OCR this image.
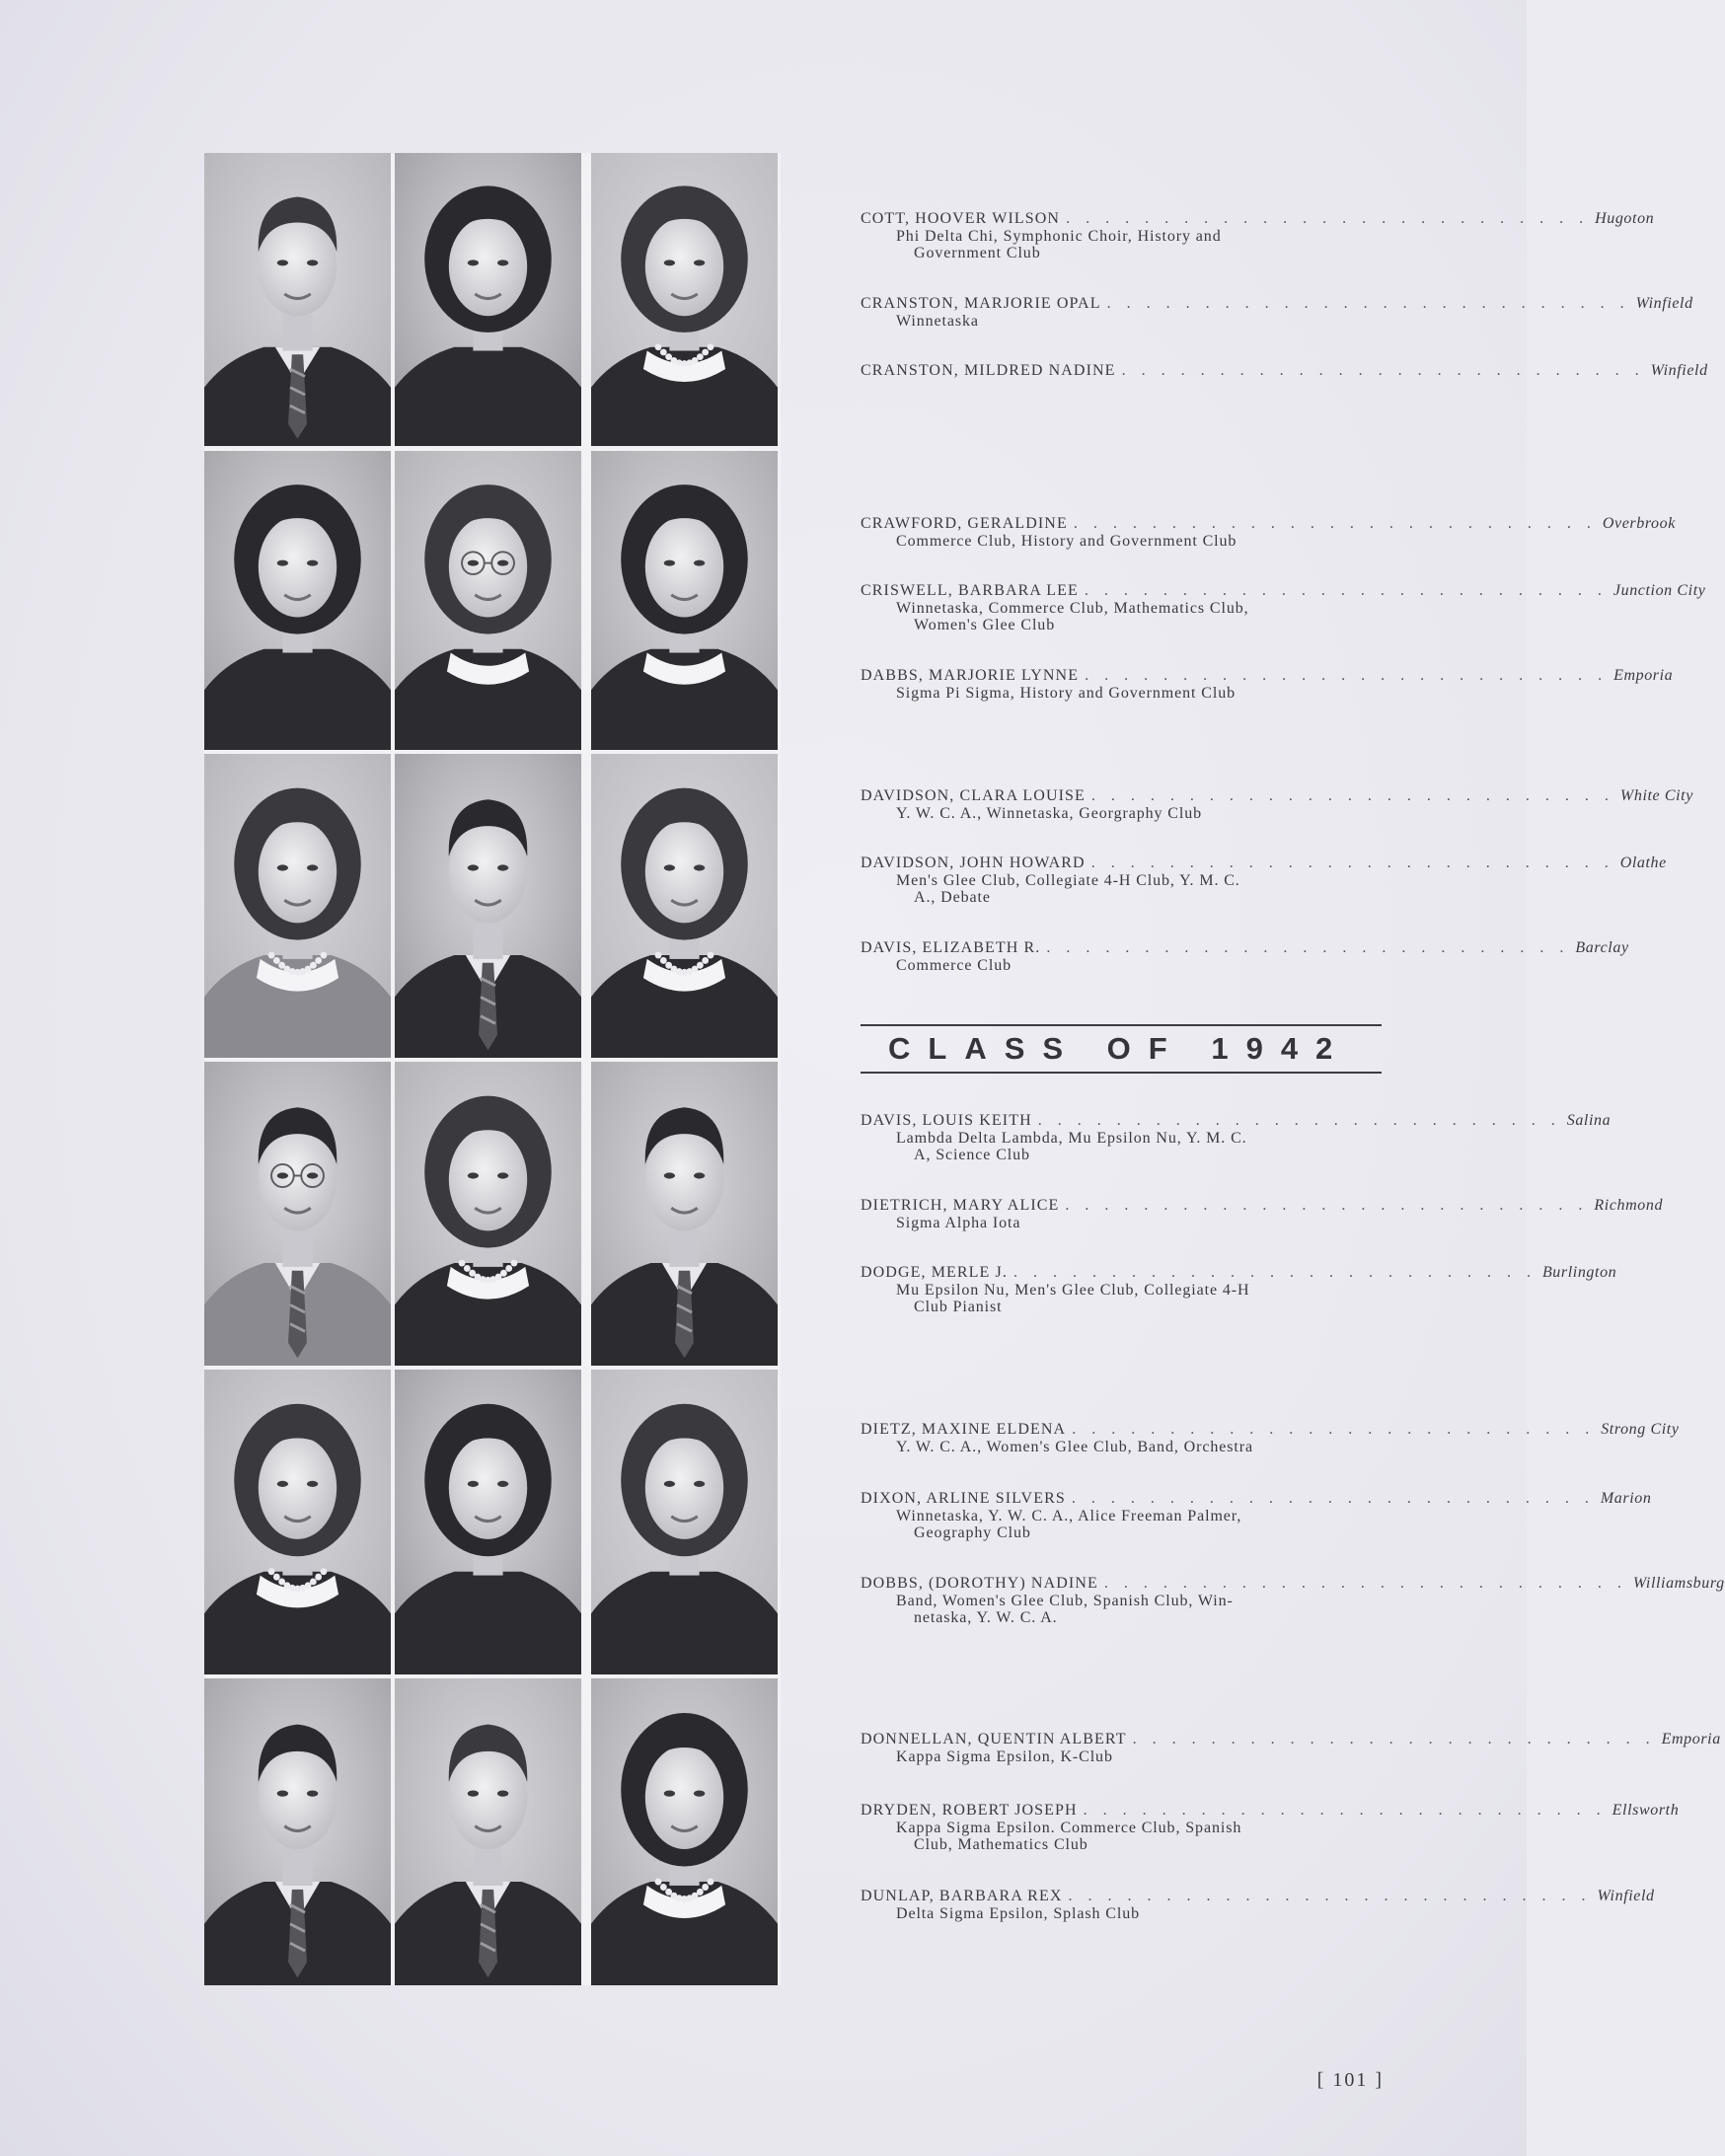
COTT, HOOVER WILSON . . . . . . . . . . . . . . . . . . . . . . . . . . . Hugoton
Phi Delta Chi, Symphonic Choir, History and
Government Club
CRANSTON, MARJORIE OPAL . . . . . . . . . . . . . . . . . . . . . . . . . . . Winfield
Winnetaska
CRANSTON, MILDRED NADINE . . . . . . . . . . . . . . . . . . . . . . . . . . . Winfield
CRAWFORD, GERALDINE . . . . . . . . . . . . . . . . . . . . . . . . . . . Overbrook
Commerce Club, History and Government Club
CRISWELL, BARBARA LEE . . . . . . . . . . . . . . . . . . . . . . . . . . . Junction City
Winnetaska, Commerce Club, Mathematics Club,
Women's Glee Club
DABBS, MARJORIE LYNNE . . . . . . . . . . . . . . . . . . . . . . . . . . . Emporia
Sigma Pi Sigma, History and Government Club
DAVIDSON, CLARA LOUISE . . . . . . . . . . . . . . . . . . . . . . . . . . . White City
Y. W. C. A., Winnetaska, Georgraphy Club
DAVIDSON, JOHN HOWARD . . . . . . . . . . . . . . . . . . . . . . . . . . . Olathe
Men's Glee Club, Collegiate 4-H Club, Y. M. C.
A., Debate
DAVIS, ELIZABETH R. . . . . . . . . . . . . . . . . . . . . . . . . . . . Barclay
Commerce Club
DAVIS, LOUIS KEITH . . . . . . . . . . . . . . . . . . . . . . . . . . . Salina
Lambda Delta Lambda, Mu Epsilon Nu, Y. M. C.
A, Science Club
DIETRICH, MARY ALICE . . . . . . . . . . . . . . . . . . . . . . . . . . . Richmond
Sigma Alpha Iota
DODGE, MERLE J. . . . . . . . . . . . . . . . . . . . . . . . . . . . Burlington
Mu Epsilon Nu, Men's Glee Club, Collegiate 4-H
Club Pianist
DIETZ, MAXINE ELDENA . . . . . . . . . . . . . . . . . . . . . . . . . . . Strong City
Y. W. C. A., Women's Glee Club, Band, Orchestra
DIXON, ARLINE SILVERS . . . . . . . . . . . . . . . . . . . . . . . . . . . Marion
Winnetaska, Y. W. C. A., Alice Freeman Palmer,
Geography Club
DOBBS, (DOROTHY) NADINE . . . . . . . . . . . . . . . . . . . . . . . . . . . Williamsburg
Band, Women's Glee Club, Spanish Club, Win-
netaska, Y. W. C. A.
DONNELLAN, QUENTIN ALBERT . . . . . . . . . . . . . . . . . . . . . . . . . . . Emporia
Kappa Sigma Epsilon, K-Club
DRYDEN, ROBERT JOSEPH . . . . . . . . . . . . . . . . . . . . . . . . . . . Ellsworth
Kappa Sigma Epsilon. Commerce Club, Spanish
Club, Mathematics Club
DUNLAP, BARBARA REX . . . . . . . . . . . . . . . . . . . . . . . . . . . Winfield
Delta Sigma Epsilon, Splash Club
CLASS OF 1942
[ 101 ]
